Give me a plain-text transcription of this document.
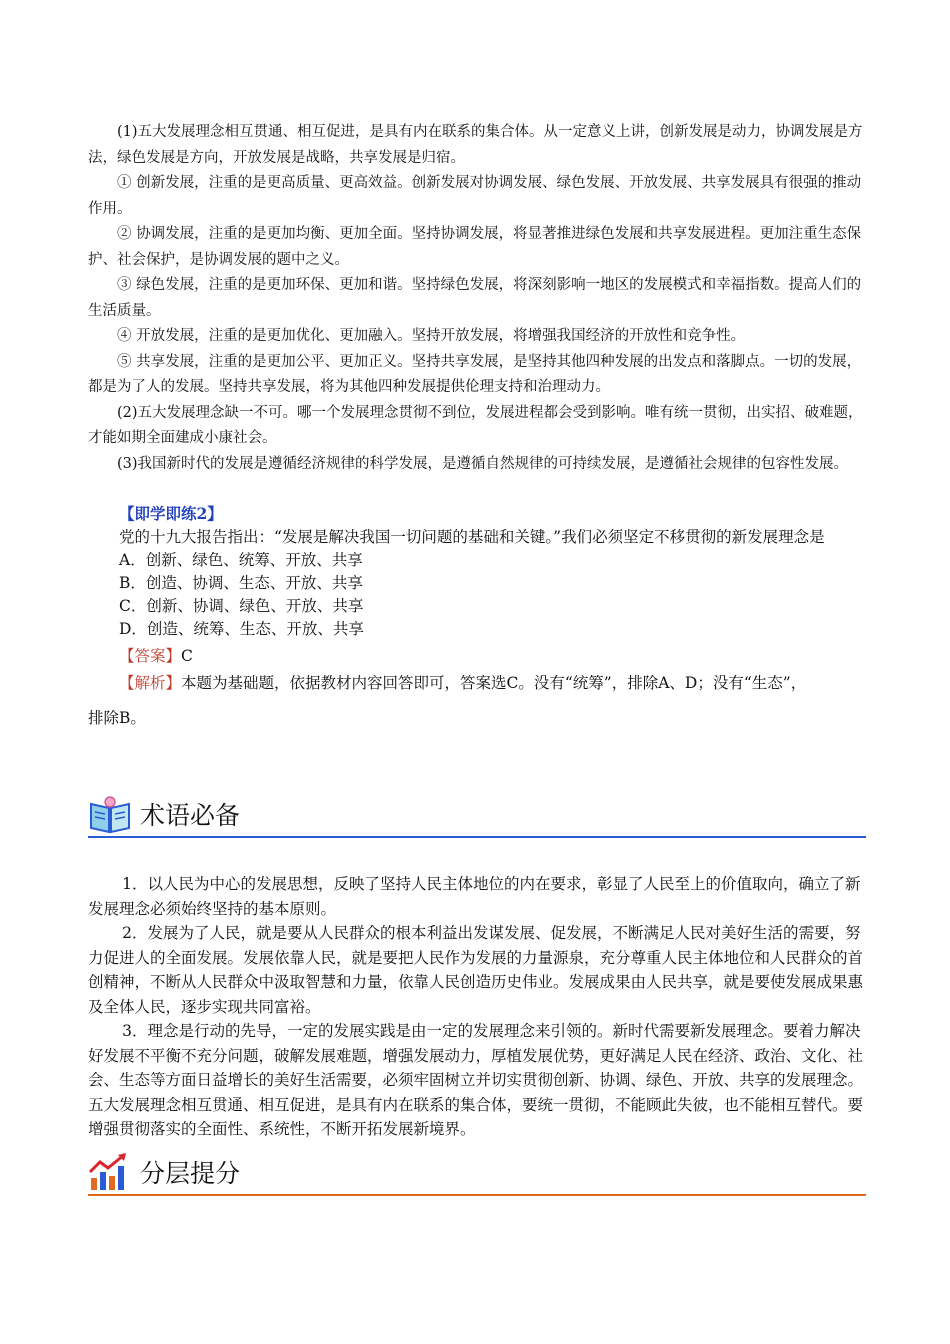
(1)五大发展理念相互贯通、相互促进，是具有内在联系的集合体。从一定意义上讲，创新发展是动力，协调发展是方法，绿色发展是方向，开放发展是战略，共享发展是归宿。

① 创新发展，注重的是更高质量、更高效益。创新发展对协调发展、绿色发展、开放发展、共享发展具有很强的推动作用。

② 协调发展，注重的是更加均衡、更加全面。坚持协调发展，将显著推进绿色发展和共享发展进程。更加注重生态保护、社会保护，是协调发展的题中之义。

③ 绿色发展，注重的是更加环保、更加和谐。坚持绿色发展，将深刻影响一地区的发展模式和幸福指数。提高人们的生活质量。

④ 开放发展，注重的是更加优化、更加融入。坚持开放发展，将增强我国经济的开放性和竞争性。

⑤ 共享发展，注重的是更加公平、更加正义。坚持共享发展，是坚持其他四种发展的出发点和落脚点。一切的发展，都是为了人的发展。坚持共享发展，将为其他四种发展提供伦理支持和治理动力。

(2)五大发展理念缺一不可。哪一个发展理念贯彻不到位，发展进程都会受到影响。唯有统一贯彻，出实招、破难题，才能如期全面建成小康社会。

(3)我国新时代的发展是遵循经济规律的科学发展，是遵循自然规律的可持续发展，是遵循社会规律的包容性发展。

【即学即练2】

党的十九大报告指出：“发展是解决我国一切问题的基础和关键。”我们必须坚定不移贯彻的新发展理念是

A．创新、绿色、统筹、开放、共享

B．创造、协调、生态、开放、共享

C．创新、协调、绿色、开放、共享

D．创造、统筹、生态、开放、共享

【答案】C

【解析】本题为基础题，依据教材内容回答即可，答案选C。没有“统筹”，排除A、D；没有“生态”，

排除B。

术语必备

1．以人民为中心的发展思想，反映了坚持人民主体地位的内在要求，彰显了人民至上的价值取向，确立了新发展理念必须始终坚持的基本原则。

2．发展为了人民，就是要从人民群众的根本利益出发谋发展、促发展，不断满足人民对美好生活的需要，努力促进人的全面发展。发展依靠人民，就是要把人民作为发展的力量源泉，充分尊重人民主体地位和人民群众的首创精神，不断从人民群众中汲取智慧和力量，依靠人民创造历史伟业。发展成果由人民共享，就是要使发展成果惠及全体人民，逐步实现共同富裕。

3．理念是行动的先导，一定的发展实践是由一定的发展理念来引领的。新时代需要新发展理念。要着力解决好发展不平衡不充分问题，破解发展难题，增强发展动力，厚植发展优势，更好满足人民在经济、政治、文化、社会、生态等方面日益增长的美好生活需要，必须牢固树立并切实贯彻创新、协调、绿色、开放、共享的发展理念。五大发展理念相互贯通、相互促进，是具有内在联系的集合体，要统一贯彻，不能顾此失彼，也不能相互替代。要增强贯彻落实的全面性、系统性，不断开拓发展新境界。

分层提分
